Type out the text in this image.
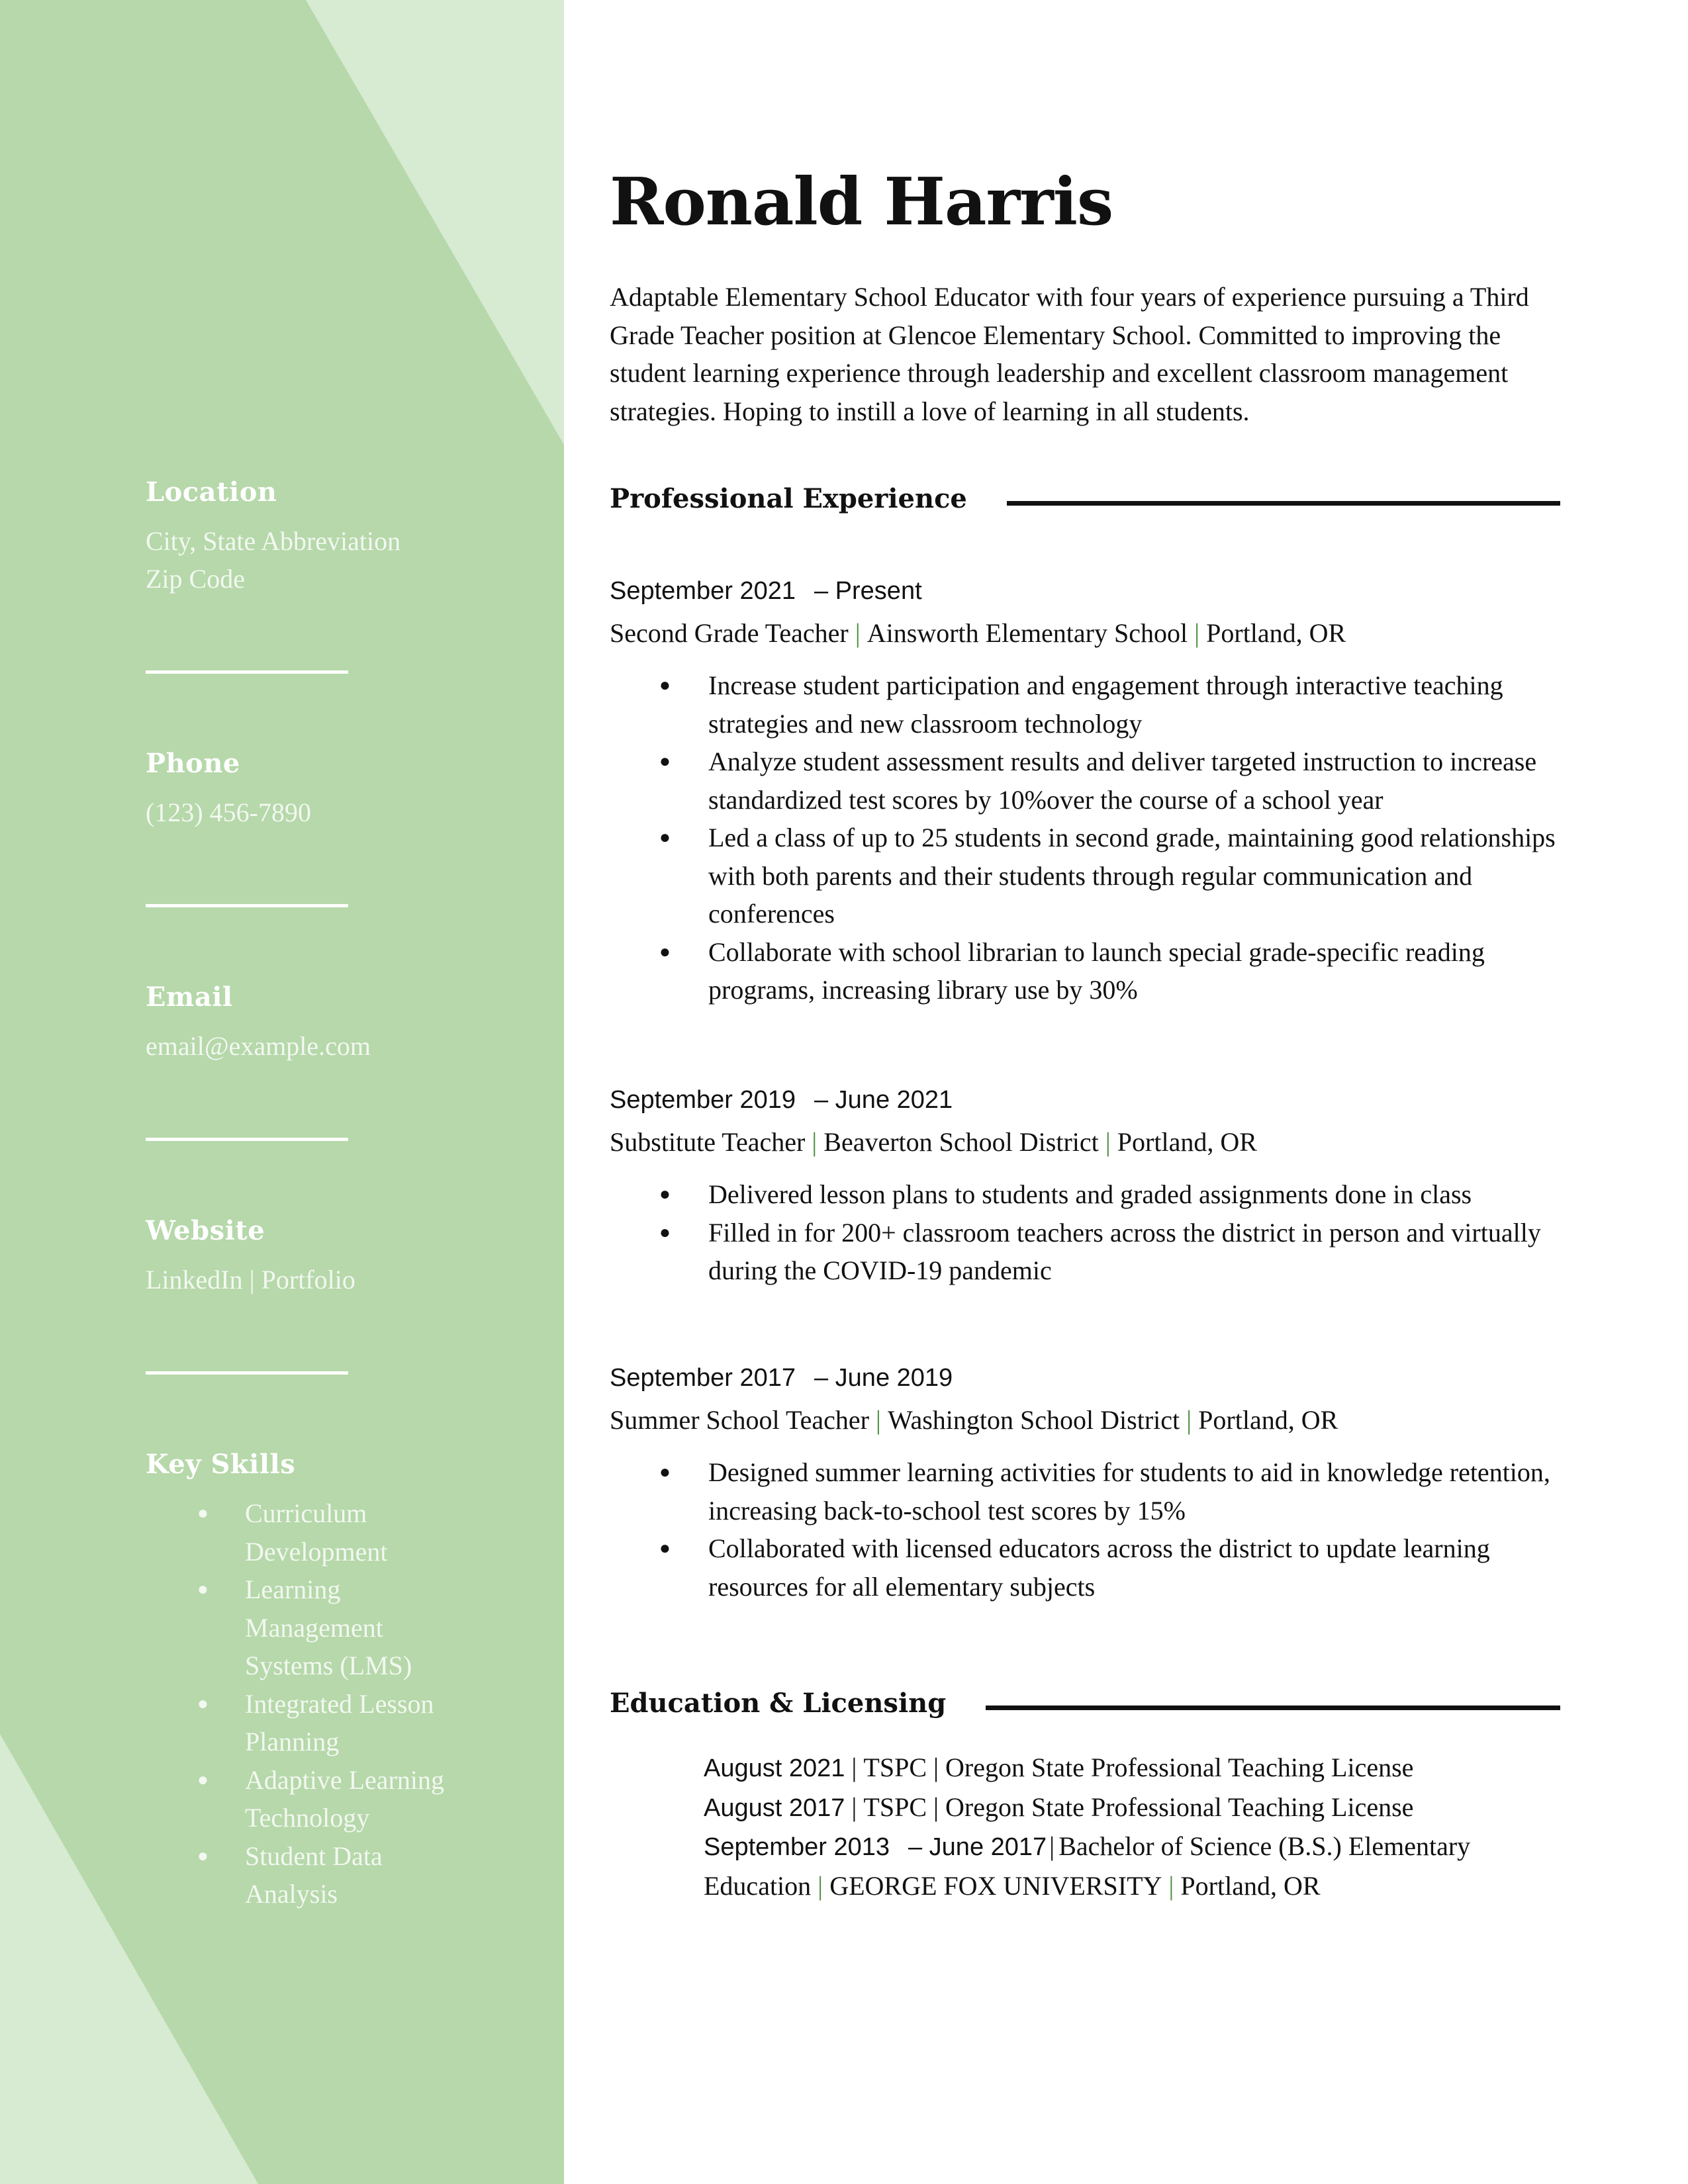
Location
City, State Abbreviation
Zip Code
Phone
(123) 456-7890
Email
email@example.com
Website
LinkedIn | Portfolio
Key Skills
● Curriculum Development
● Learning Management Systems (LMS)
● Integrated Lesson Planning
● Adaptive Learning Technology
● Student Data Analysis
Ronald Harris
Adaptable Elementary School Educator with four years of experience pursuing a Third Grade Teacher position at Glencoe Elementary School. Committed to improving the student learning experience through leadership and excellent classroom management strategies. Hoping to instill a love of learning in all students.
Professional Experience
September 2021 – Present
Second Grade Teacher | Ainsworth Elementary School | Portland, OR
● Increase student participation and engagement through interactive teaching strategies and new classroom technology
● Analyze student assessment results and deliver targeted instruction to increase standardized test scores by 10%over the course of a school year
● Led a class of up to 25 students in second grade, maintaining good relationships with both parents and their students through regular communication and conferences
● Collaborate with school librarian to launch special grade-specific reading programs, increasing library use by 30%
September 2019 – June 2021
Substitute Teacher | Beaverton School District | Portland, OR
● Delivered lesson plans to students and graded assignments done in class
● Filled in for 200+ classroom teachers across the district in person and virtually during the COVID-19 pandemic
September 2017 – June 2019
Summer School Teacher | Washington School District | Portland, OR
● Designed summer learning activities for students to aid in knowledge retention, increasing back-to-school test scores by 15%
● Collaborated with licensed educators across the district to update learning resources for all elementary subjects
Education & Licensing
August 2021 | TSPC | Oregon State Professional Teaching License
August 2017 | TSPC | Oregon State Professional Teaching License
September 2013 – June 2017 | Bachelor of Science (B.S.) Elementary Education | GEORGE FOX UNIVERSITY | Portland, OR
